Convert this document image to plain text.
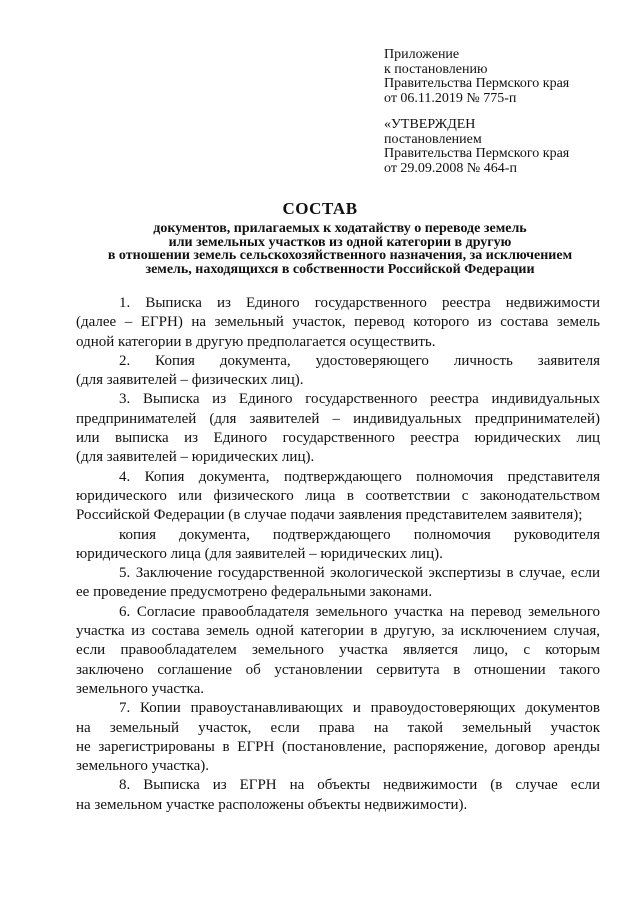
Приложение
к постановлению
Правительства Пермского края
от 06.11.2019 № 775-п
«УТВЕРЖДЕН
постановлением
Правительства Пермского края
от 29.09.2008 № 464-п
СОСТАВ
документов, прилагаемых к ходатайству о переводе земель
или земельных участков из одной категории в другую
в отношении земель сельскохозяйственного назначения, за исключением
земель, находящихся в собственности Российской Федерации

1. Выписка из Единого государственного реестра недвижимости
(далее – ЕГРН) на земельный участок, перевод которого из состава земель
одной категории в другую предполагается осуществить.

2. Копия документа, удостоверяющего личность заявителя
(для заявителей – физических лиц).

3. Выписка из Единого государственного реестра индивидуальных
предпринимателей (для заявителей – индивидуальных предпринимателей)
или выписка из Единого государственного реестра юридических лиц
(для заявителей – юридических лиц).

4. Копия документа, подтверждающего полномочия представителя
юридического или физического лица в соответствии с законодательством
Российской Федерации (в случае подачи заявления представителем заявителя);

копия документа, подтверждающего полномочия руководителя
юридического лица (для заявителей – юридических лиц).

5. Заключение государственной экологической экспертизы в случае, если
ее проведение предусмотрено федеральными законами.

6. Согласие правообладателя земельного участка на перевод земельного
участка из состава земель одной категории в другую, за исключением случая,
если правообладателем земельного участка является лицо, с которым
заключено соглашение об установлении сервитута в отношении такого
земельного участка.

7. Копии правоустанавливающих и правоудостоверяющих документов
на земельный участок, если права на такой земельный участок
не зарегистрированы в ЕГРН (постановление, распоряжение, договор аренды
земельного участка).

8. Выписка из ЕГРН на объекты недвижимости (в случае если
на земельном участке расположены объекты недвижимости).
